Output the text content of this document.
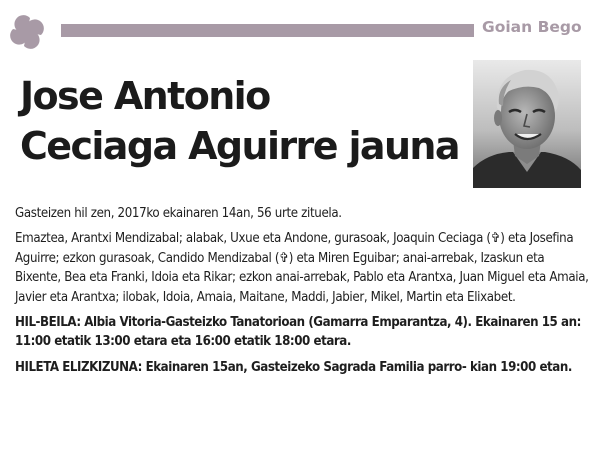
Goian Bego
Jose Antonio
Ceciaga Aguirre jauna

Gasteizen hil zen, 2017ko ekainaren 14an, 56 urte zituela.

Emaztea, Arantxi Mendizabal; alabak, Uxue eta Andone, gurasoak, Joaquin Ceciaga (✞) eta Josefina Aguirre; ezkon gurasoak, Candido Mendizabal (✞) eta Miren Eguibar; anai-arrebak, Izaskun eta Bixente, Bea eta Franki, Idoia eta Rikar; ezkon anai-arrebak, Pablo eta Arantxa, Juan Miguel eta Amaia, Javier eta Arantxa; ilobak, Idoia, Amaia, Maitane, Maddi, Jabier, Mikel, Martin eta Elixabet.

HIL-BEILA: Albia Vitoria-Gasteizko Tanatorioan (Gamarra Emparantza, 4). Ekainaren 15 an: 11:00 etatik 13:00 etara eta 16:00 etatik 18:00 etara.

HILETA ELIZKIZUNA: Ekainaren 15an, Gasteizeko Sagrada Familia parro- kian 19:00 etan.
